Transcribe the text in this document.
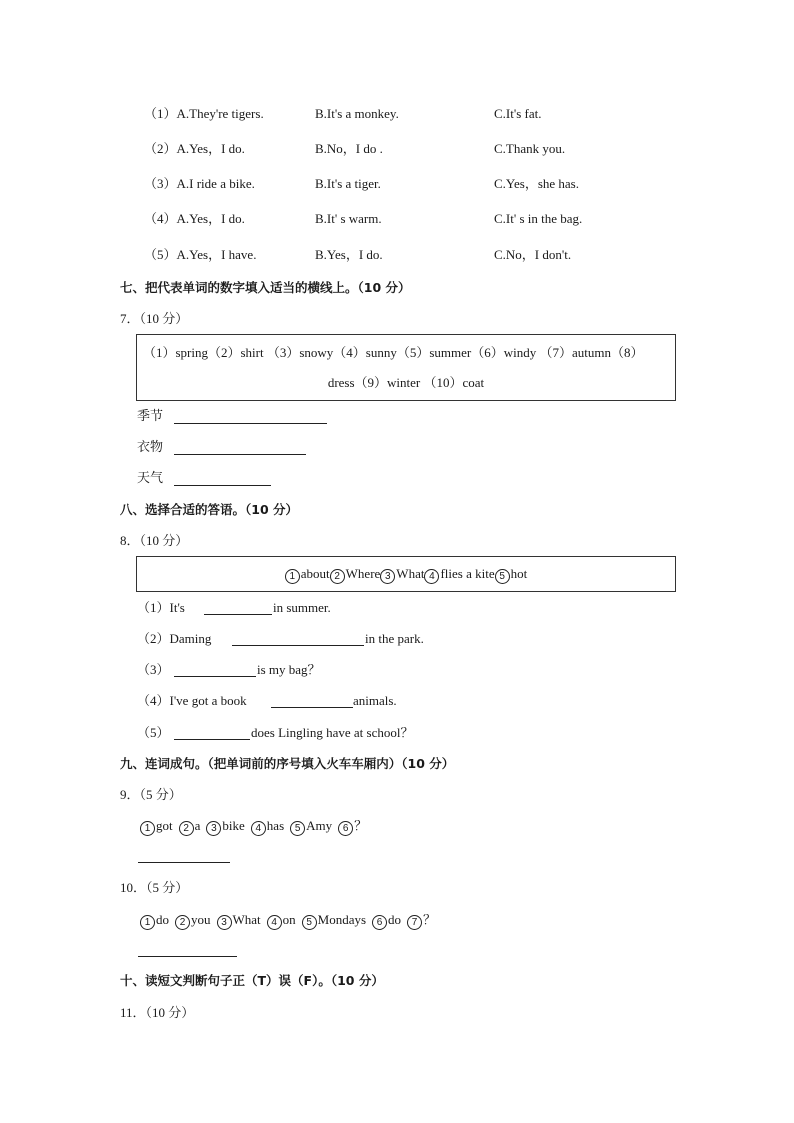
（1）A.They're tigers.	B.It's a monkey.	C.It's fat.
（2）A.Yes，I do.	B.No，I do .	C.Thank you.
（3）A.I ride a bike.	B.It's a tiger.	C.Yes，she has.
（4）A.Yes，I do.	B.It' s warm.	C.It' s in the bag.
（5）A.Yes，I have.	B.Yes，I do.	C.No，I don't.
七、把代表单词的数字填入适当的横线上。（10 分）
7．（10 分）
（1）spring（2）shirt （3）snowy（4）sunny（5）summer（6）windy （7）autumn（8）
dress（9）winter （10）coat
季节
衣物
天气
八、选择合适的答语。（10 分）
8．（10 分）
1 about 2 Where 3 What 4 flies a kite 5 hot
（1）It's	in summer.
（2）Daming	in the park.
（3）	is my bag？
（4）I've got a book	animals.
（5）	does Lingling have at school？
九、连词成句。（把单词前的序号填入火车车厢内）（10 分）
9．（5 分）
1 got 2 a 3 bike 4 has 5 Amy 6 ？
10．（5 分）
1 do 2 you 3 What 4 on 5 Mondays 6 do 7 ？
十、读短文判断句子正（T）误（F）。（10 分）
11．（10 分）
